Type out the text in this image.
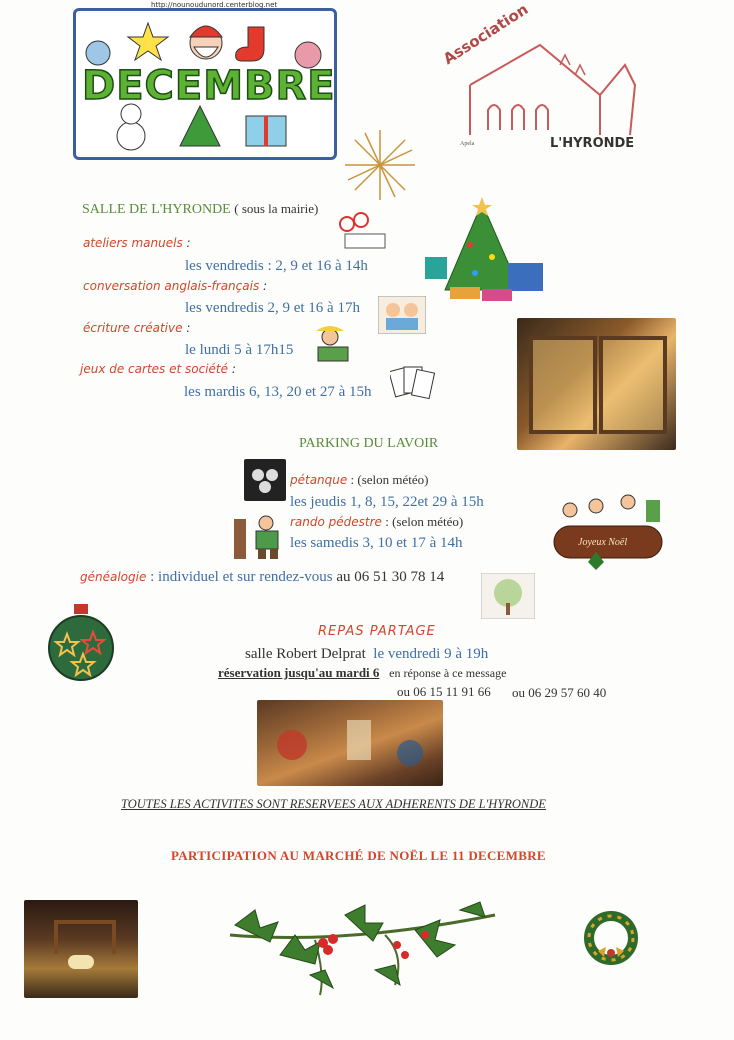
http://nounoudunord.centerblog.net
DECEMBRE
Association
L'HYRONDE
Apela
SALLE DE L'HYRONDE ( sous la mairie)
ateliers manuels :
les vendredis : 2, 9 et 16 à 14h
conversation anglais-français :
les vendredis 2, 9 et 16 à 17h
écriture créative :
le lundi 5 à 17h15
jeux de cartes et société :
les mardis 6, 13, 20 et 27 à 15h
PARKING DU LAVOIR
pétanque : (selon météo)
les jeudis 1, 8, 15, 22et 29 à 15h
rando pédestre : (selon météo)
les samedis 3, 10 et 17 à 14h	Joyeux Noël
généalogie : individuel et sur rendez-vous au 06 51 30 78 14
REPAS PARTAGE
salle Robert Delprat le vendredi 9 à 19h
réservation jusqu'au mardi 6 en réponse à ce message
ou 06 15 11 91 66 ou 06 29 57 60 40
TOUTES LES ACTIVITES SONT RESERVEES AUX ADHERENTS DE L'HYRONDE
PARTICIPATION AU MARCHÉ DE NOËL LE 11 DECEMBRE
